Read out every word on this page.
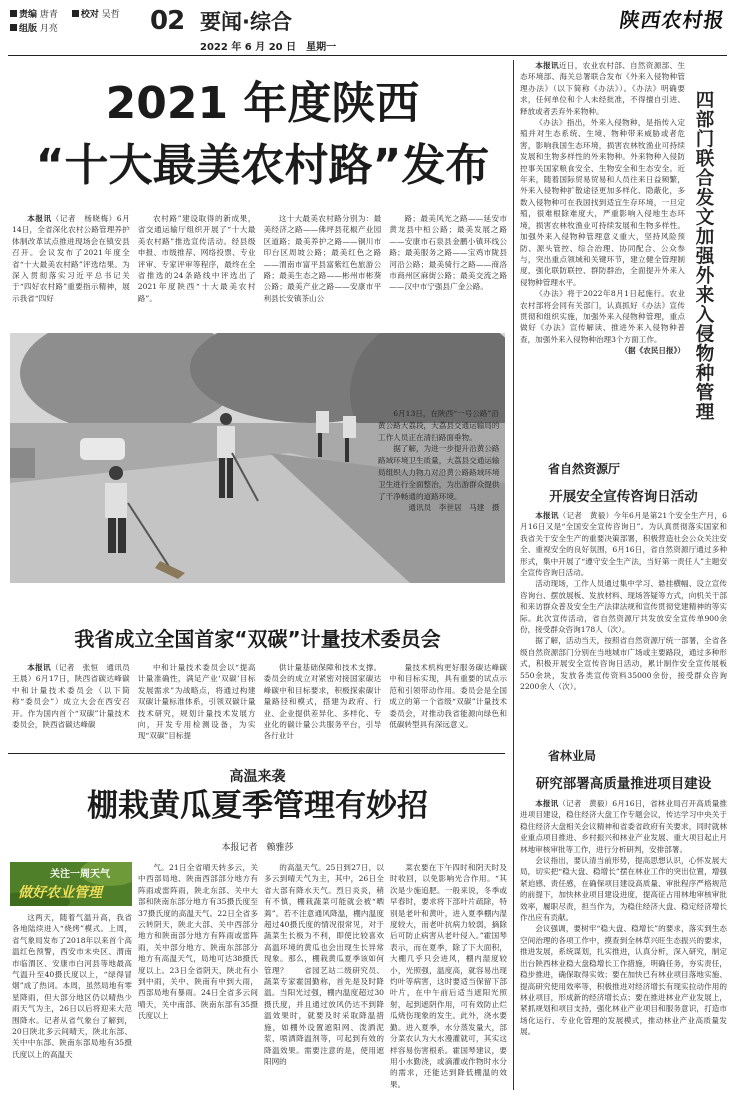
责编 唐青	校对 吴哲
组版 月亮	02 要闻·综合
2022 年 6 月 20 日　星期一
陕西农村报
2021 年度陕西
“十大最美农村路”发布

本报讯（记者　杨晓梅）6月14日，全省深化农村公路管理养护体制改革试点推进现场会在镇安县召开。会议发布了2021年度全省“十大最美农村路”评选结果。为深入贯彻落实习近平总书记关于“四好农村路”重要指示精神，展示我省“四好

农村路”建设取得的新成果，省交通运输厅组织开展了“十大最美农村路”推选宣传活动。经县级申报、市级推荐、网络投票、专业评审、专家评审等程序，最终在全省推选的24条路线中评选出了2021年度陕西“十大最美农村路”。

这十大最美农村路分别为：最美经济之路——佛坪县花椒产业园区道路；最美养护之路——铜川市印台区周坡公路；最美红色之路——渭南市富平县富紫红色旅游公路；最美生态之路——彬州市彬葵公路；最美产业之路——安康市平利县长安镇茶山公

路；最美风光之路——延安市黄龙县中桓公路；最美发展之路——安康市石泉县金鹏小镇环线公路；最美服务之路——宝鸡市陇县河沿公路；最美骑行之路——商洛市商州区麻街公路；最美交流之路——汉中市宁强县广金公路。

6月13日，在陕西“一号公路”沿黄公路大荔段，大荔县交通运输局的工作人员正在清扫路面垂物。

据了解，为进一步提升沿黄公路路域环境卫生质量，大荔县交通运输局组织人力物力对沿黄公路路域环境卫生进行全面整治，为出游群众提供了干净畅通的道路环境。

通讯员　李世居　马建　摄

我省成立全国首家“双碳”计量技术委员会

本报讯（记者　张恒　通讯员　王晨）6月17日，陕西省碳达峰碳中和计量技术委员会（以下简称“委员会”）成立大会在西安召开。作为国内首个“双碳”计量技术委员会，陕西省碳达峰碳

中和计量技术委员会以“提高计量准确性，满足产业‘双碳’目标发展需求”为战略点，将通过构建双碳计量标准体系，引领双碳计量技术研究，规划计量技术发展方向，开发专用检测设备，为实现“双碳”目标提

供计量基础保障和技术支撑。委员会的成立对紧密对接国家碳达峰碳中和目标要求，积极探索碳计量路径和模式，搭建为政府、行业、企业提供差异化、多样化、专业化的碳计量公共服务平台，引导各行业计

量技术机构更好服务碳达峰碳中和目标实现，具有重要的试点示范和引领带动作用。委员会是全国成立的第一个省级“双碳”计量技术委员会，对推动我省能源向绿色和低碳转型具有深远意义。

高温来袭
棚栽黄瓜夏季管理有妙招
本报记者　赖雅莎
关注一周天气
做好农业管理

这两天，随着气温升高，我省各地陆续进入“烧烤”模式。上周，省气象局发布了2018年以来首个高温红色预警，西安市未央区、渭南市临渭区、安康市白河县等地最高气温升至40摄氏度以上，“绿得冒烟”成了热词。本周，虽然局地有零星降雨，但大部分地区仍以晴热少雨天气为主，26日以后将迎来大范围降水。记者从省气象台了解到，20日陕北多云间晴天，陕北东部、关中中东部、陕南东部局地有35摄氏度以上的高温天

气。21日全省晴天转多云，关中西部局地、陕南西部部分地方有阵雨或雷阵雨，陕北东部、关中大部和陕南东部分地方有35摄氏度至37摄氏度的高温天气。22日全省多云转阴天，陕北大部、关中西部分地方和陕南部分地方有阵雨或雷阵雨，关中部分地方、陕南东部部分地方有高温天气，局地可达38摄氏度以上。23日全省阴天，陕北有小到中雨，关中、陕南有中到大雨，西部局地有暴雨。24日全省多云间晴天，关中南部、陕南东部有35摄氏度以上

的高温天气。25日到27日，以多云到晴天气为主，其中，26日全省大部有降水天气。烈日炎炎，稍有不慎，棚栽蔬菜可能就会被“晒蔫”。若不注意通风降温，棚内温度超过40摄氏度的情况很常见，对于蔬菜生长极为不利，即使比较喜欢高温环境的黄瓜也会出现生长异常现象。那么，棚栽黄瓜夏季该如何管理？　　省园艺站二级研究员、蔬菜专家霍国勤称，首先是及时降温。当阳光过强，棚内温度超过30摄氏度，并且通过放风仍达不到降温效果时，就要及时采取降温措施，如棚外设置遮阳网、泼洒泥浆、喷洒降温剂等，可起到有效的降温效果。需要注意的是，使用遮阳网的

菜农要在下午四时和阴天时及时收回，以免影响光合作用。“其次是少施追肥。一般来说，冬季或早春时，要求将下部叶片疏除，特别是老叶和黄叶，进入夏季棚内湿度较大，而老叶抗病力较弱，摘除后可防止病害从老叶侵入。”霍国琴表示，而在夏季，除了下大面积，大棚几乎只会进风，棚内湿度较小，光照强，温度高，就容易出现灼叶等病害，这时要适当保留下部叶片，在中午前后适当遮阳光照射，起到遮阴作用，可有效防止烂瓜烧伤现象的发生。此外，浇水要勤。进入夏季，水分蒸发量大，部分菜农认为大水漫灌就可，其实这样容易伤害根系。霍国琴建议，要用小水勤浇，或滴灌或作物时水分的需求，还能达到降低棚温的效果。

本报讯近日，农业农村部、自然资源部、生态环境部、海关总署联合发布《外来入侵物种管理办法》（以下简称《办法》）。《办法》明确要求，任何单位和个人未经批准，不得擅自引进、释放或者丢弃外来物种。

《办法》指出，外来入侵物种，是指传入定殖并对生态系统、生境、物种带来威胁或者危害，影响我国生态环境，损害农林牧渔业可持续发展和生物多样性的外来物种。外来物种入侵防控事关国家粮食安全、生物安全和生态安全。近年来，随着国际贸易贸易和人员往来日益频繁，外来入侵物种扩散途径更加多样化、隐蔽化，多数入侵物种可在我国找到适宜生存环境，一旦定殖，很难根除难度大，严重影响入侵地生态环境，损害农林牧渔业可持续发展和生物多样性。加强外来入侵物种管理意义重大，坚持风险预防、源头管控、综合治理、协同配合、公众参与，突出重点领域和关键环节，建立健全管理制度，强化联防联控、群防群治，全面提升外来入侵物种管理水平。

《办法》将于2022年8月1日起施行。农业农村部将会同有关部门，认真抓好《办法》宣传贯彻和组织实施，加强外来入侵物种管理，重点做好《办法》宣传解读、推进外来入侵物种普查，加强外来入侵物种治理3个方面工作。

（据《农民日报》） 四部门联合发文加强外来入侵物种管理
省自然资源厅
开展安全宣传咨询日活动

本报讯（记者　黄毅）今年6月是第21个安全生产月，6月16日又是“全国安全宣传咨询日”。为认真贯彻落实国家和我省关于安全生产的重要决策部署，积极营造社会公众关注安全、重视安全的良好氛围，6月16日，省自然资源厅通过多种形式，集中开展了“遵守安全生产法，当好第一责任人”主题安全宣传咨询日活动。

活动现场，工作人员通过集中学习、悬挂横幅、设立宣传咨询台、摆放展板、发放材料、现场答疑等方式，向机关干部和来访群众普及安全生产法律法规和宣传贯彻党建精神的等实际。此次宣传活动，省自然资源厅共发放安全宣传单900余份，接受群众咨询178人（次）。

据了解，活动当天，按照省自然资源厅统一部署，全省各级自然资源部门分别在当地城市广场或主要路段，通过多种形式，积极开展安全宣传咨询日活动，累计制作安全宣传展板550余块，发放各类宣传资料35000余份，接受群众咨询2200余人（次）。

省林业局
研究部署高质量推进项目建设

本报讯（记者　黄毅）6月16日，省林业局召开高质量推进项目建设，稳住经济大盘工作专题会议，传达学习中央关于稳住经济大盘相关会议精神和省委省政府有关要求，同时就林业重点项目推进、乡村振兴和林业产业发展、重大项目起止月林地审核审批等工作，进行分析研判，安排部署。

会议指出，要认清当前形势，提高思想认识，心怀发展大局，切实把“稳大盘、稳增长”摆在林业工作的突出位置，增强紧迫感、责任感，在确保项目建设高质量、审批程序严格规范的前提下，加快林业项目建设进度，提高征占用林地审核审批效率，履职尽责，担当作为，为稳住经济大盘、稳定经济增长作出应有贡献。

会议强调，要树牢“稳大盘、稳增长”的要求，落实到生态空间治理的各项工作中，摸查到全林草兴旺生态振兴的要求，推进发展，系统谋划，扎实推进，认真分析，深入研究，制定出台陕西林业稳大盘稳增长工作措施，明确任务，夯实责任，稳步推进，确保取得实效；要在加快已有林业项目落地实施、提高研究使用效率等，积极推进对经济增长有现实拉动作用的林业项目，形成新的经济增长点；要在推进林业产业发展上，紧抓规划和项目支持，强化林业产业项目和服务意识，打造市场化运行、专业化管理的发展模式，推动林业产业高质量发展。
